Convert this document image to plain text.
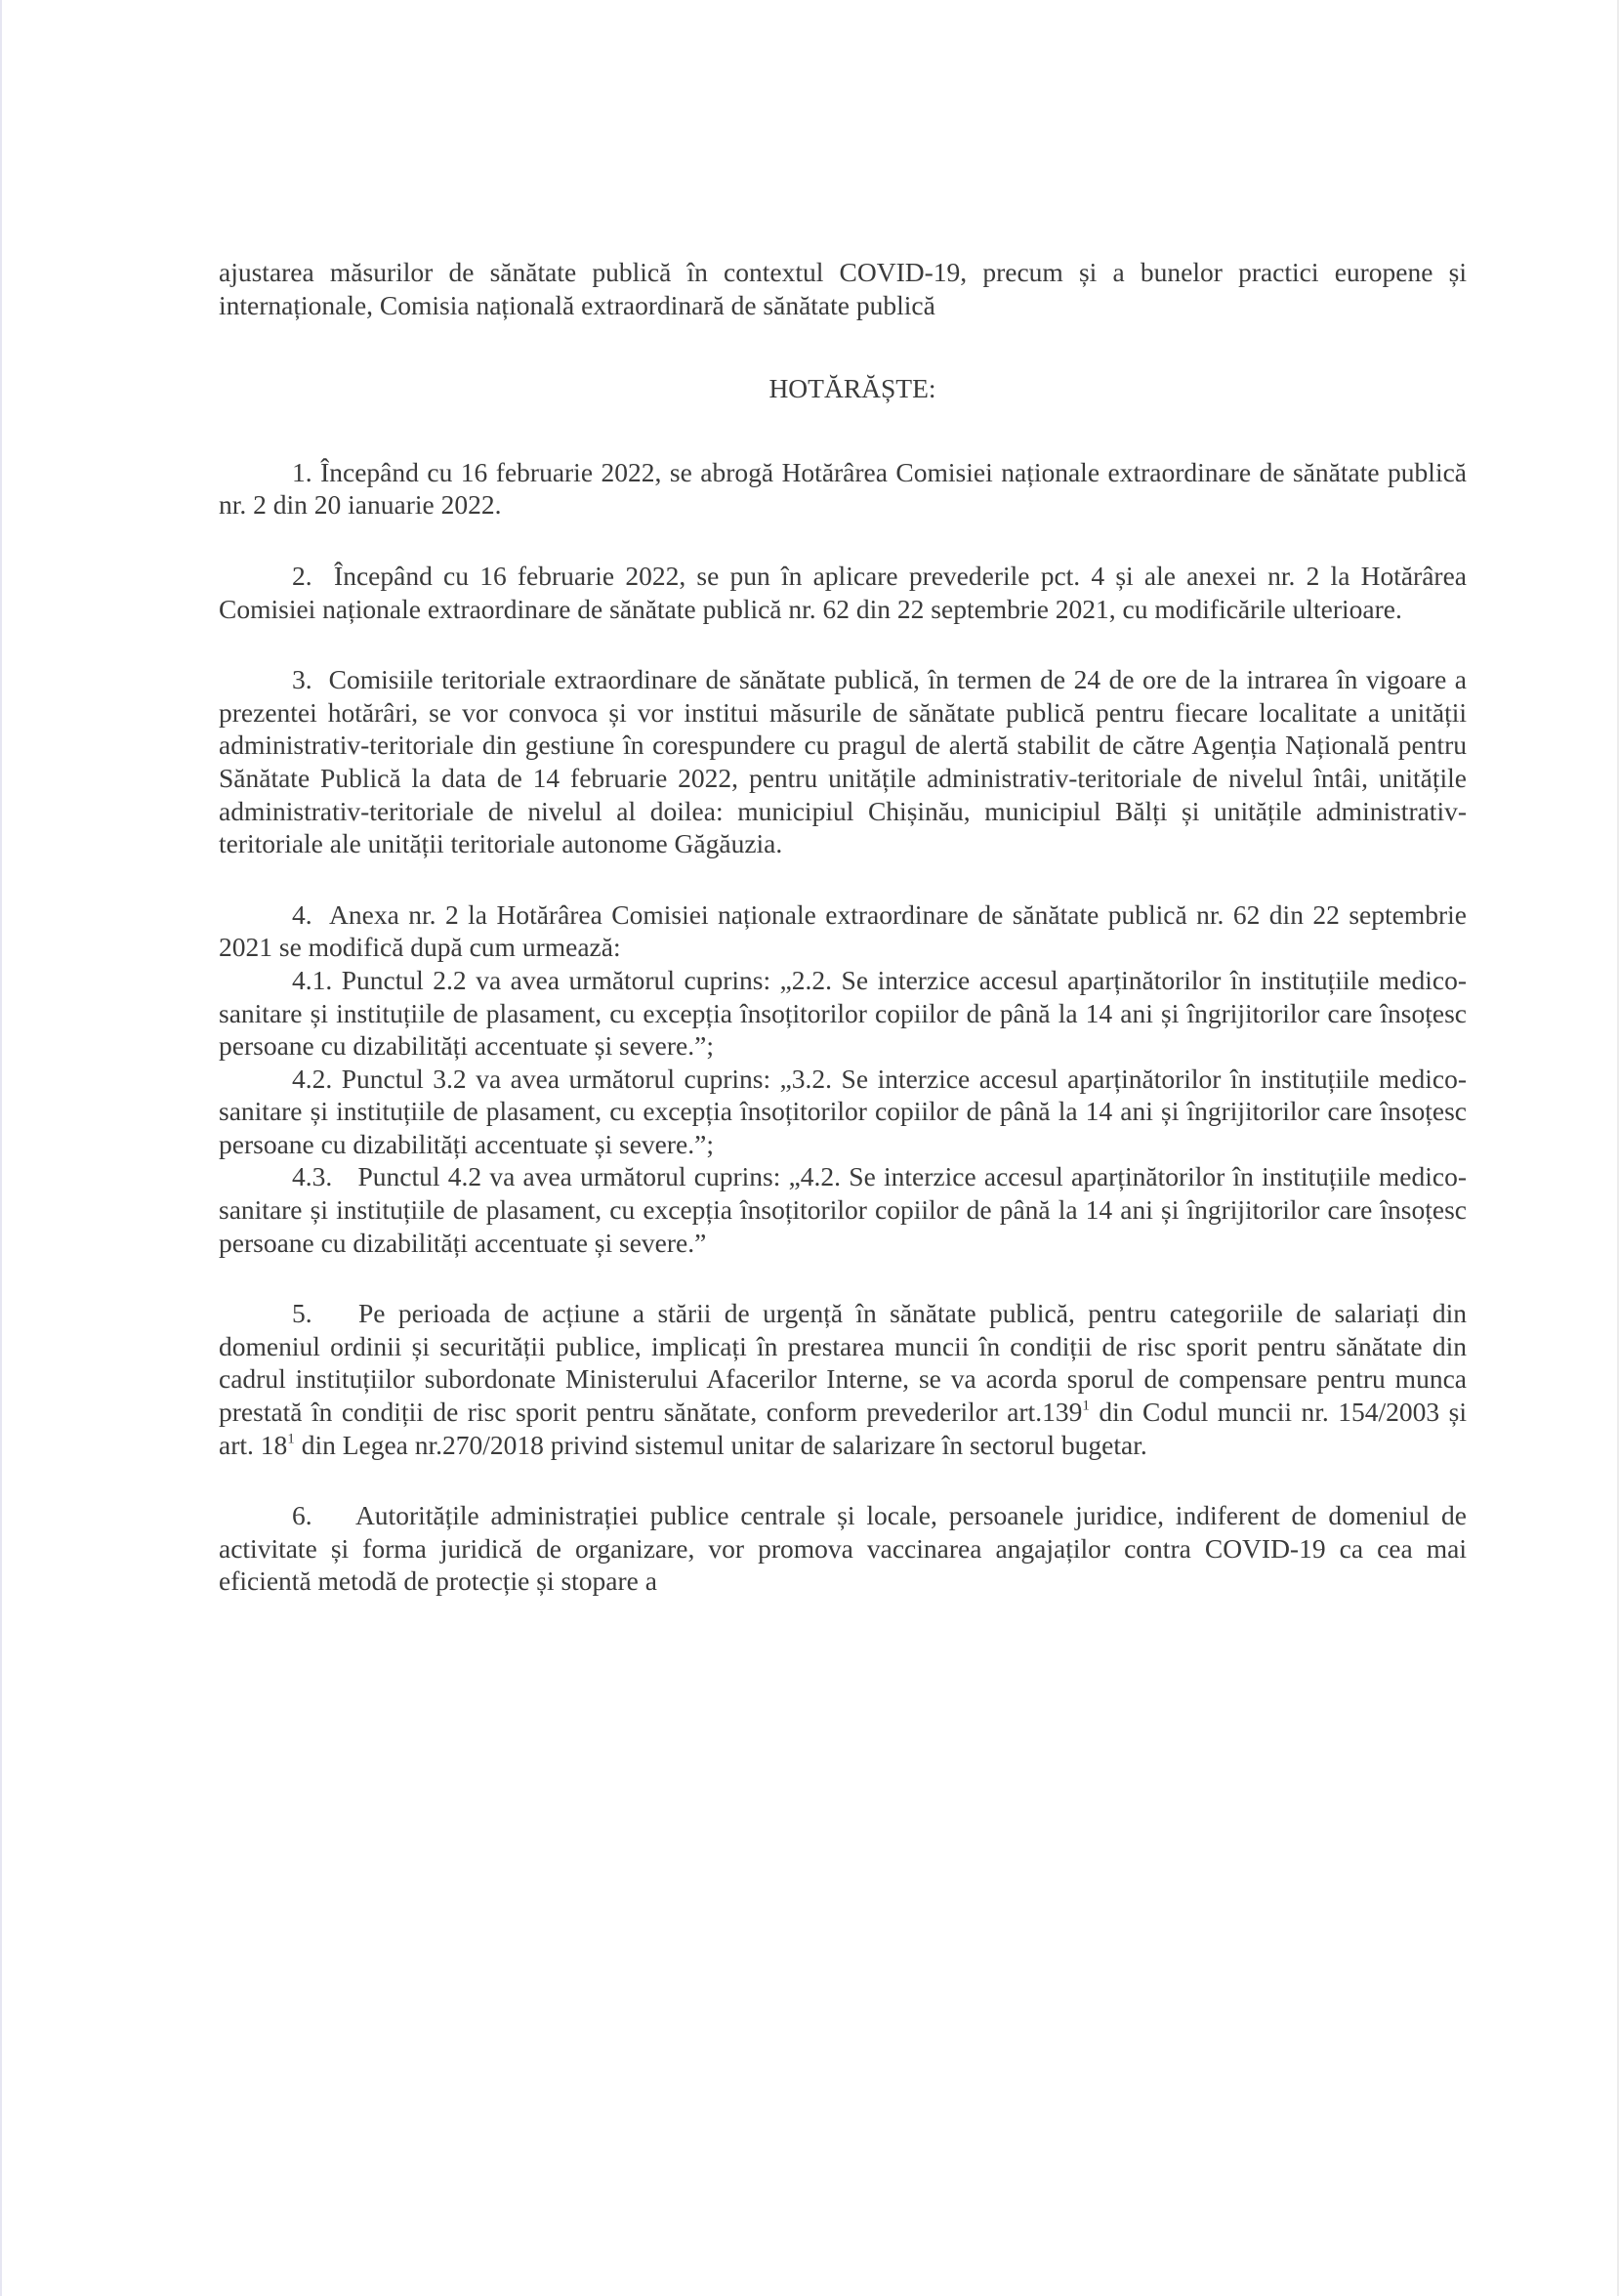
ajustarea măsurilor de sănătate publică în contextul COVID-19, precum și a bunelor practici europene și internaționale, Comisia națională extraordinară de sănătate publică

HOTĂRĂȘTE:

1. Începând cu 16 februarie 2022, se abrogă Hotărârea Comisiei naționale extraordinare de sănătate publică nr. 2 din 20 ianuarie 2022.

2. Începând cu 16 februarie 2022, se pun în aplicare prevederile pct. 4 și ale anexei nr. 2 la Hotărârea Comisiei naționale extraordinare de sănătate publică nr. 62 din 22 septembrie 2021, cu modificările ulterioare.

3. Comisiile teritoriale extraordinare de sănătate publică, în termen de 24 de ore de la intrarea în vigoare a prezentei hotărâri, se vor convoca și vor institui măsurile de sănătate publică pentru fiecare localitate a unității administrativ-teritoriale din gestiune în corespundere cu pragul de alertă stabilit de către Agenția Națională pentru Sănătate Publică la data de 14 februarie 2022, pentru unitățile administrativ-teritoriale de nivelul întâi, unitățile administrativ-teritoriale de nivelul al doilea: municipiul Chișinău, municipiul Bălți și unitățile administrativ-teritoriale ale unității teritoriale autonome Găgăuzia.

4. Anexa nr. 2 la Hotărârea Comisiei naționale extraordinare de sănătate publică nr. 62 din 22 septembrie 2021 se modifică după cum urmează:

4.1. Punctul 2.2 va avea următorul cuprins: „2.2. Se interzice accesul aparținătorilor în instituțiile medico-sanitare și instituțiile de plasament, cu excepția însoțitorilor copiilor de până la 14 ani și îngrijitorilor care însoțesc persoane cu dizabilități accentuate și severe.”;

4.2. Punctul 3.2 va avea următorul cuprins: „3.2. Se interzice accesul aparținătorilor în instituțiile medico-sanitare și instituțiile de plasament, cu excepția însoțitorilor copiilor de până la 14 ani și îngrijitorilor care însoțesc persoane cu dizabilități accentuate și severe.”;

4.3. Punctul 4.2 va avea următorul cuprins: „4.2. Se interzice accesul aparținătorilor în instituțiile medico-sanitare și instituțiile de plasament, cu excepția însoțitorilor copiilor de până la 14 ani și îngrijitorilor care însoțesc persoane cu dizabilități accentuate și severe.”

5. Pe perioada de acțiune a stării de urgență în sănătate publică, pentru categoriile de salariați din domeniul ordinii și securității publice, implicați în prestarea muncii în condiții de risc sporit pentru sănătate din cadrul instituțiilor subordonate Ministerului Afacerilor Interne, se va acorda sporul de compensare pentru munca prestată în condiții de risc sporit pentru sănătate, conform prevederilor art.139$^1$ din Codul muncii nr. 154/2003 și art. $18^1$ din Legea nr.270/2018 privind sistemul unitar de salarizare în sectorul bugetar.

6. Autoritățile administrației publice centrale și locale, persoanele juridice, indiferent de domeniul de activitate și forma juridică de organizare, vor promova vaccinarea angajaților contra COVID-19 ca cea mai eficientă metodă de protecție și stopare a
